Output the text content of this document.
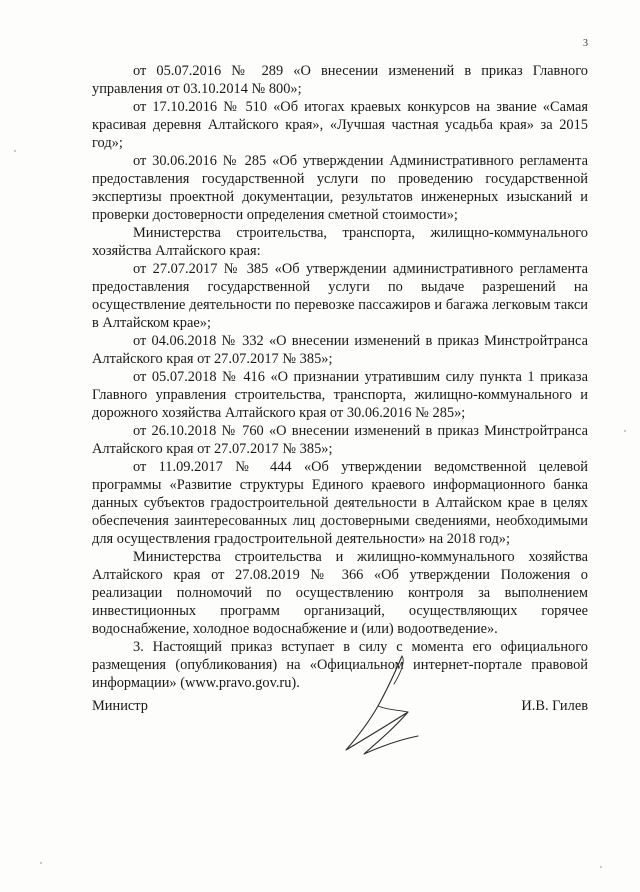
3

от 05.07.2016 № 289 «О внесении изменений в приказ Главного управления от 03.10.2014 № 800»;

от 17.10.2016 № 510 «Об итогах краевых конкурсов на звание «Самая красивая деревня Алтайского края», «Лучшая частная усадьба края» за 2015 год»;

от 30.06.2016 № 285 «Об утверждении Административного регламента предоставления государственной услуги по проведению государственной экспертизы проектной документации, результатов инженерных изысканий и проверки достоверности определения сметной стоимости»;

Министерства строительства, транспорта, жилищно-коммунального хозяйства Алтайского края:

от 27.07.2017 № 385 «Об утверждении административного регламента предоставления государственной услуги по выдаче разрешений на осуществление деятельности по перевозке пассажиров и багажа легковым такси в Алтайском крае»;

от 04.06.2018 № 332 «О внесении изменений в приказ Минстройтранса Алтайского края от 27.07.2017 № 385»;

от 05.07.2018 № 416 «О признании утратившим силу пункта 1 приказа Главного управления строительства, транспорта, жилищно-коммунального и дорожного хозяйства Алтайского края от 30.06.2016 № 285»;

от 26.10.2018 № 760 «О внесении изменений в приказ Минстройтранса Алтайского края от 27.07.2017 № 385»;

от 11.09.2017 № 444 «Об утверждении ведомственной целевой программы «Развитие структуры Единого краевого информационного банка данных субъектов градостроительной деятельности в Алтайском крае в целях обеспечения заинтересованных лиц достоверными сведениями, необходимыми для осуществления градостроительной деятельности» на 2018 год»;

Министерства строительства и жилищно-коммунального хозяйства Алтайского края от 27.08.2019 № 366 «Об утверждении Положения о реализации полномочий по осуществлению контроля за выполнением инвестиционных программ организаций, осуществляющих горячее водоснабжение, холодное водоснабжение и (или) водоотведение».

3. Настоящий приказ вступает в силу с момента его официального размещения (опубликования) на «Официальном интернет-портале правовой информации» (www.pravo.gov.ru).

Министр	И.В. Гилев
